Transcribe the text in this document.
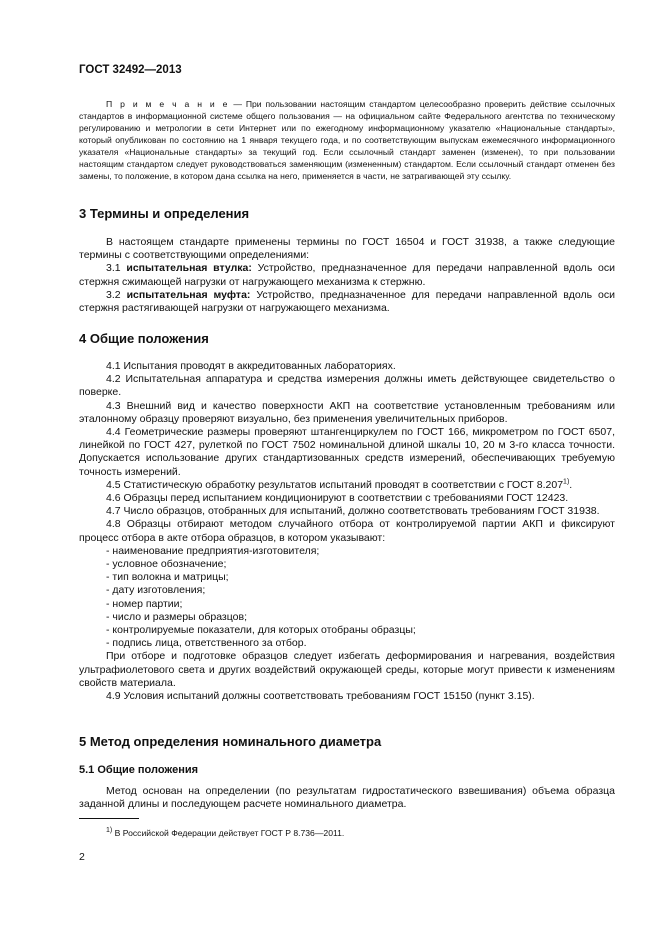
ГОСТ 32492—2013

П р и м е ч а н и е — При пользовании настоящим стандартом целесообразно проверить действие ссылочных стандартов в информационной системе общего пользования — на официальном сайте Федерального агентства по техническому регулированию и метрологии в сети Интернет или по ежегодному информационному указателю «Национальные стандарты», который опубликован по состоянию на 1 января текущего года, и по соответствующим выпускам ежемесячного информационного указателя «Национальные стандарты» за текущий год. Если ссылочный стандарт заменен (изменен), то при пользовании настоящим стандартом следует руководствоваться заменяющим (измененным) стандартом. Если ссылочный стандарт отменен без замены, то положение, в котором дана ссылка на него, применяется в части, не затрагивающей эту ссылку.

3 Термины и определения

В настоящем стандарте применены термины по ГОСТ 16504 и ГОСТ 31938, а также следующие термины с соответствующими определениями:

3.1 испытательная втулка: Устройство, предназначенное для передачи направленной вдоль оси стержня сжимающей нагрузки от нагружающего механизма к стержню.

3.2 испытательная муфта: Устройство, предназначенное для передачи направленной вдоль оси стержня растягивающей нагрузки от нагружающего механизма.

4 Общие положения

4.1 Испытания проводят в аккредитованных лабораториях.

4.2 Испытательная аппаратура и средства измерения должны иметь действующее свидетельство о поверке.

4.3 Внешний вид и качество поверхности АКП на соответствие установленным требованиям или эталонному образцу проверяют визуально, без применения увеличительных приборов.

4.4 Геометрические размеры проверяют штангенциркулем по ГОСТ 166, микрометром по ГОСТ 6507, линейкой по ГОСТ 427, рулеткой по ГОСТ 7502 номинальной длиной шкалы 10, 20 м 3-го класса точности. Допускается использование других стандартизованных средств измерений, обеспечивающих требуемую точность измерений.

4.5 Статистическую обработку результатов испытаний проводят в соответствии с ГОСТ 8.207$^{1)}$.

4.6 Образцы перед испытанием кондиционируют в соответствии с требованиями ГОСТ 12423.

4.7 Число образцов, отобранных для испытаний, должно соответствовать требованиям ГОСТ 31938.

4.8 Образцы отбирают методом случайного отбора от контролируемой партии АКП и фиксируют процесс отбора в акте отбора образцов, в котором указывают:

- наименование предприятия-изготовителя;

- условное обозначение;

- тип волокна и матрицы;

- дату изготовления;

- номер партии;

- число и размеры образцов;

- контролируемые показатели, для которых отобраны образцы;

- подпись лица, ответственного за отбор.

При отборе и подготовке образцов следует избегать деформирования и нагревания, воздействия ультрафиолетового света и других воздействий окружающей среды, которые могут привести к изменениям свойств материала.

4.9 Условия испытаний должны соответствовать требованиям ГОСТ 15150 (пункт 3.15).

5 Метод определения номинального диаметра
5.1 Общие положения

Метод основан на определении (по результатам гидростатического взвешивания) объема образца заданной длины и последующем расчете номинального диаметра.

$^{1)}$ В Российской Федерации действует ГОСТ Р 8.736—2011.
2
